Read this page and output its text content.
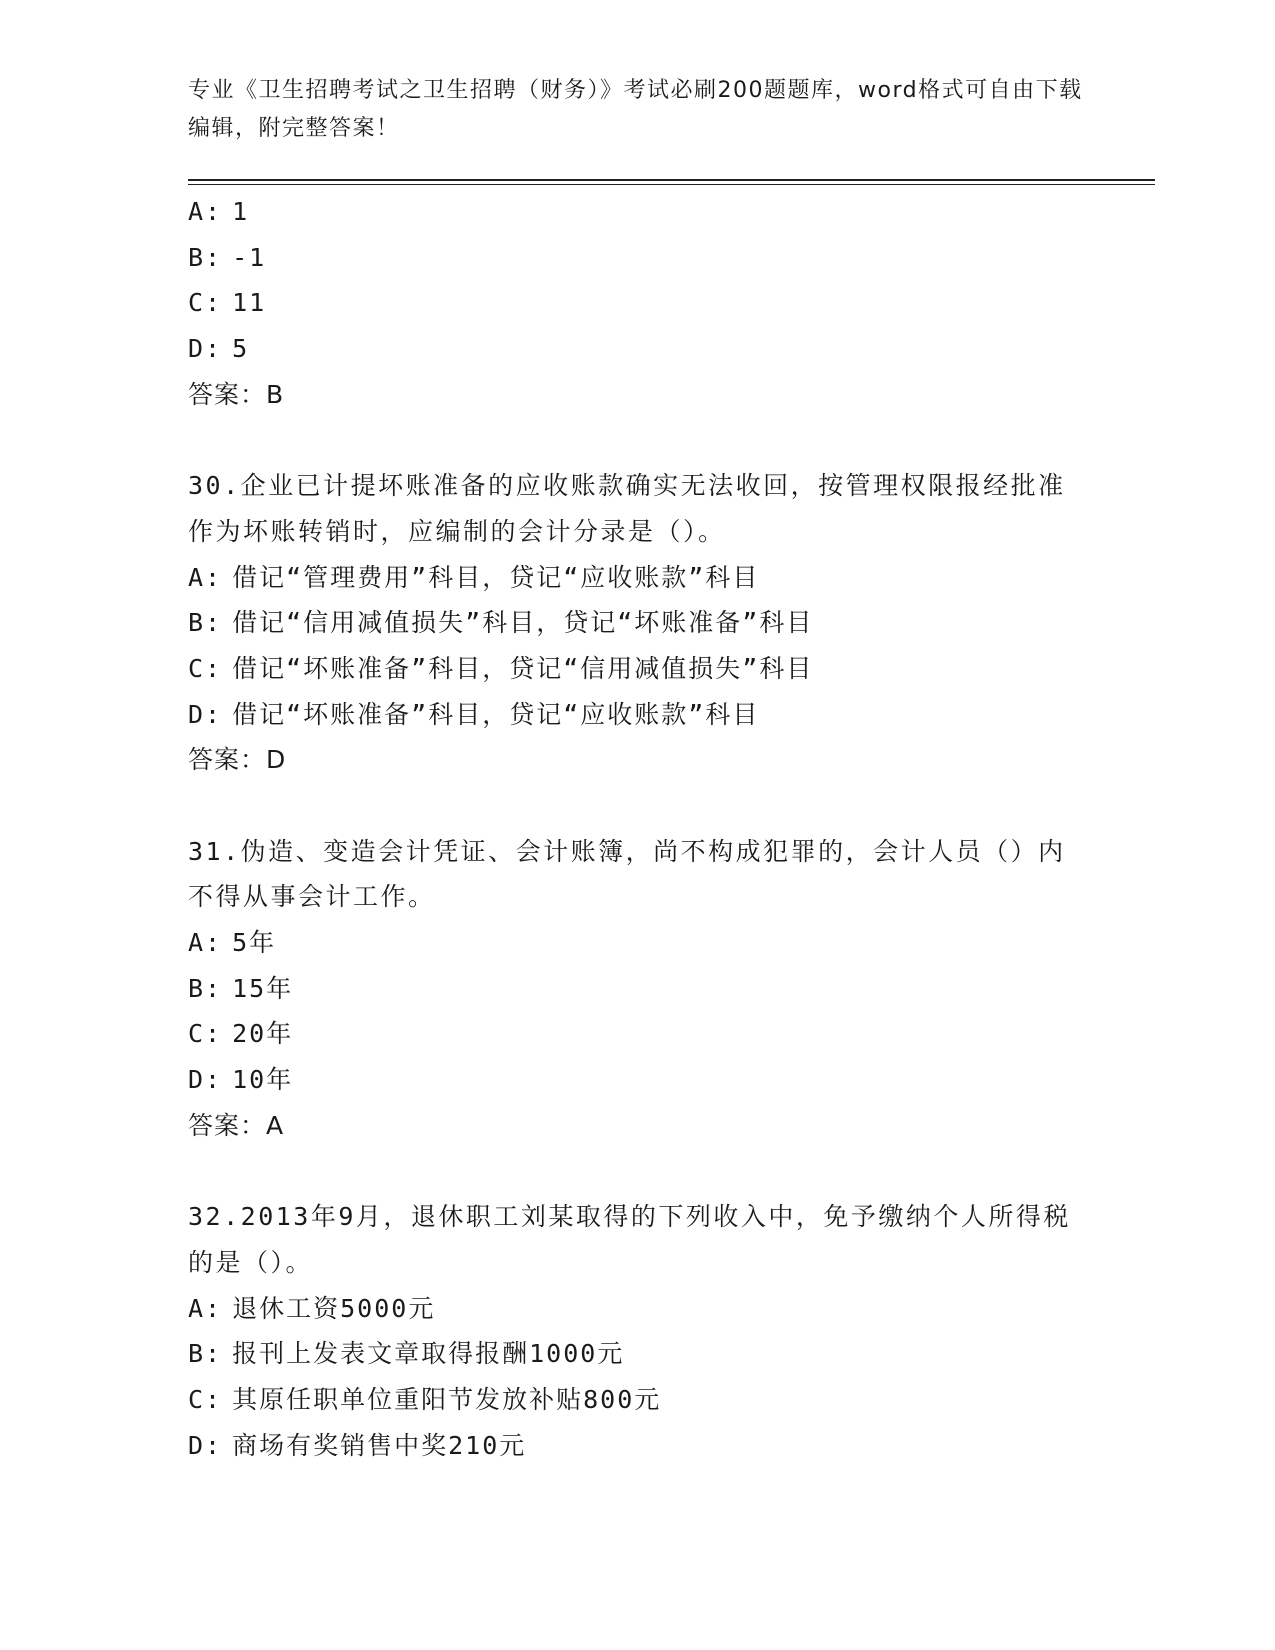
专业《卫生招聘考试之卫生招聘（财务）》考试必刷200题题库，word格式可自由下载编辑，附完整答案！
A: 1
B: -1
C: 11
D: 5
答案：B
30.企业已计提坏账准备的应收账款确实无法收回，按管理权限报经批准作为坏账转销时，应编制的会计分录是（）。
A: 借记“管理费用”科目，贷记“应收账款”科目
B: 借记“信用减值损失”科目，贷记“坏账准备”科目
C: 借记“坏账准备”科目，贷记“信用减值损失”科目
D: 借记“坏账准备”科目，贷记“应收账款”科目
答案：D
31.伪造、变造会计凭证、会计账簿，尚不构成犯罪的，会计人员（）内不得从事会计工作。
A: 5年
B: 15年
C: 20年
D: 10年
答案：A
32.2013年9月，退休职工刘某取得的下列收入中，免予缴纳个人所得税的是（）。
A: 退休工资5000元
B: 报刊上发表文章取得报酬1000元
C: 其原任职单位重阳节发放补贴800元
D: 商场有奖销售中奖210元
